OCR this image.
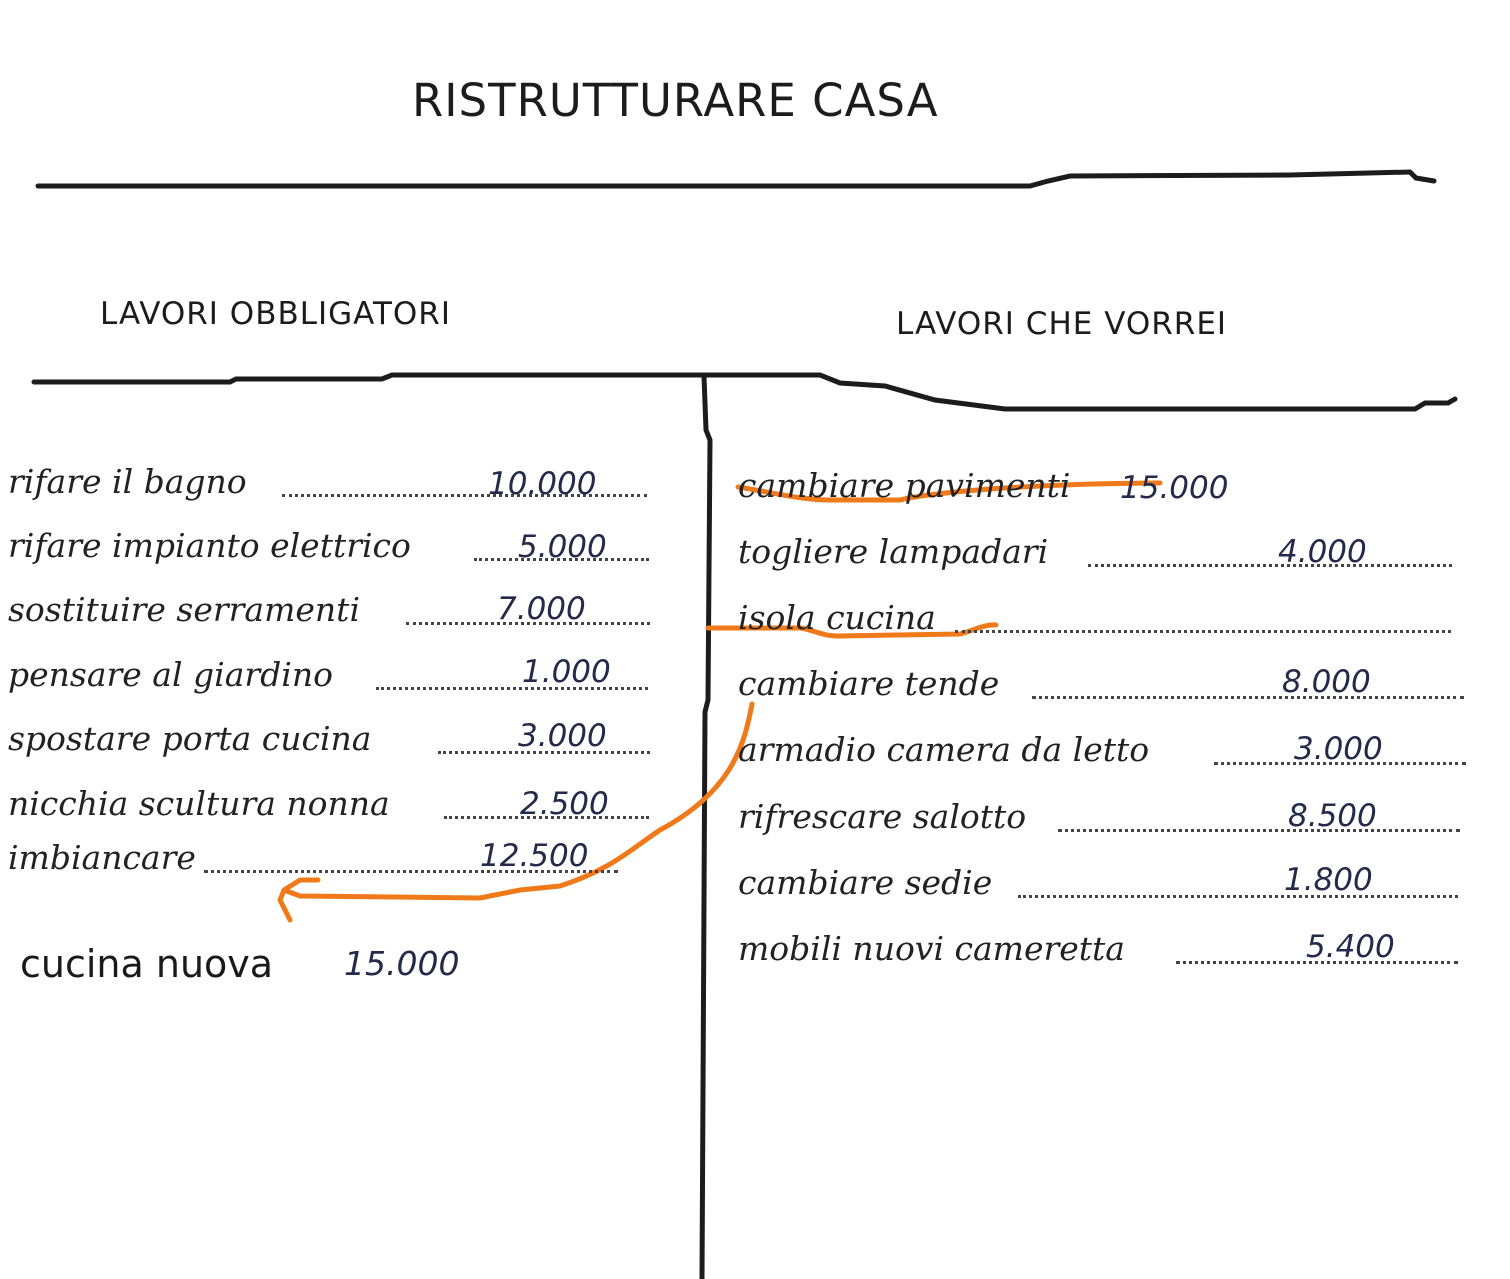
RISTRUTTURARE CASA
LAVORI OBBLIGATORI	LAVORI CHE VORREI
rifare il bagno	10.000
rifare impianto elettrico	5.000
sostituire serramenti	7.000
pensare al giardino	1.000
spostare porta cucina	3.000
nicchia scultura nonna	2.500
imbiancare	12.500
cucina nuova 15.000
cambiare pavimenti 15.000
togliere lampadari	4.000
isola cucina
cambiare tende	8.000
armadio camera da letto	3.000
rifrescare salotto	8.500
cambiare sedie	1.800
mobili nuovi cameretta	5.400
